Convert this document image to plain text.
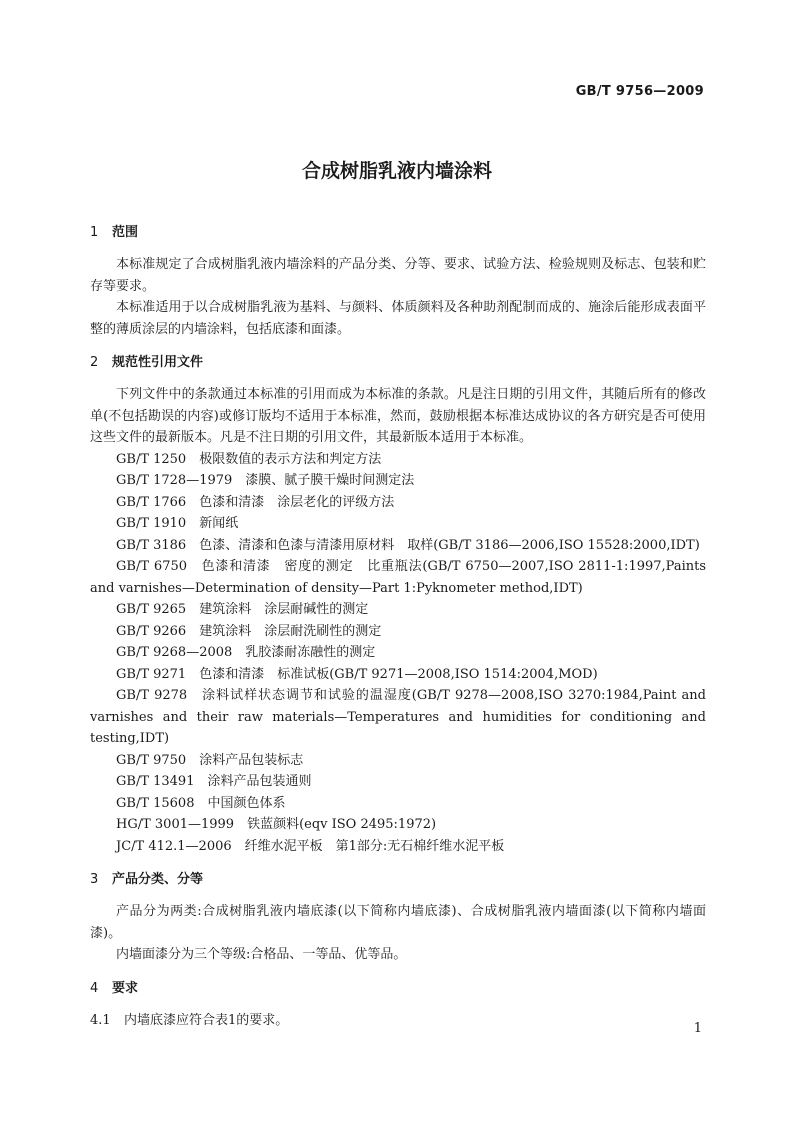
GB/T 9756—2009
合成树脂乳液内墙涂料
1 范围

本标准规定了合成树脂乳液内墙涂料的产品分类、分等、要求、试验方法、检验规则及标志、包装和贮存等要求。

本标准适用于以合成树脂乳液为基料、与颜料、体质颜料及各种助剂配制而成的、施涂后能形成表面平整的薄质涂层的内墙涂料，包括底漆和面漆。

2 规范性引用文件

下列文件中的条款通过本标准的引用而成为本标准的条款。凡是注日期的引用文件，其随后所有的修改单(不包括勘误的内容)或修订版均不适用于本标准，然而，鼓励根据本标准达成协议的各方研究是否可使用这些文件的最新版本。凡是不注日期的引用文件，其最新版本适用于本标准。

GB/T 1250　极限数值的表示方法和判定方法

GB/T 1728—1979　漆膜、腻子膜干燥时间测定法

GB/T 1766　色漆和清漆　涂层老化的评级方法

GB/T 1910　新闻纸

GB/T 3186　色漆、清漆和色漆与清漆用原材料　取样(GB/T 3186—2006,ISO 15528:2000,IDT)

GB/T 6750　色漆和清漆　密度的测定　比重瓶法(GB/T 6750—2007,ISO 2811-1:1997,Paints and varnishes—Determination of density—Part 1:Pyknometer method,IDT)

GB/T 9265　建筑涂料　涂层耐碱性的测定

GB/T 9266　建筑涂料　涂层耐洗刷性的测定

GB/T 9268—2008　乳胶漆耐冻融性的测定

GB/T 9271　色漆和清漆　标准试板(GB/T 9271—2008,ISO 1514:2004,MOD)

GB/T 9278　涂料试样状态调节和试验的温湿度(GB/T 9278—2008,ISO 3270:1984,Paint and varnishes and their raw materials—Temperatures and humidities for conditioning and testing,IDT)

GB/T 9750　涂料产品包装标志

GB/T 13491　涂料产品包装通则

GB/T 15608　中国颜色体系

HG/T 3001—1999　铁蓝颜料(eqv ISO 2495:1972)

JC/T 412.1—2006　纤维水泥平板　第1部分:无石棉纤维水泥平板

3 产品分类、分等

产品分为两类:合成树脂乳液内墙底漆(以下简称内墙底漆)、合成树脂乳液内墙面漆(以下简称内墙面漆)。

内墙面漆分为三个等级:合格品、一等品、优等品。

4 要求
4.1 内墙底漆应符合表1的要求。
1
